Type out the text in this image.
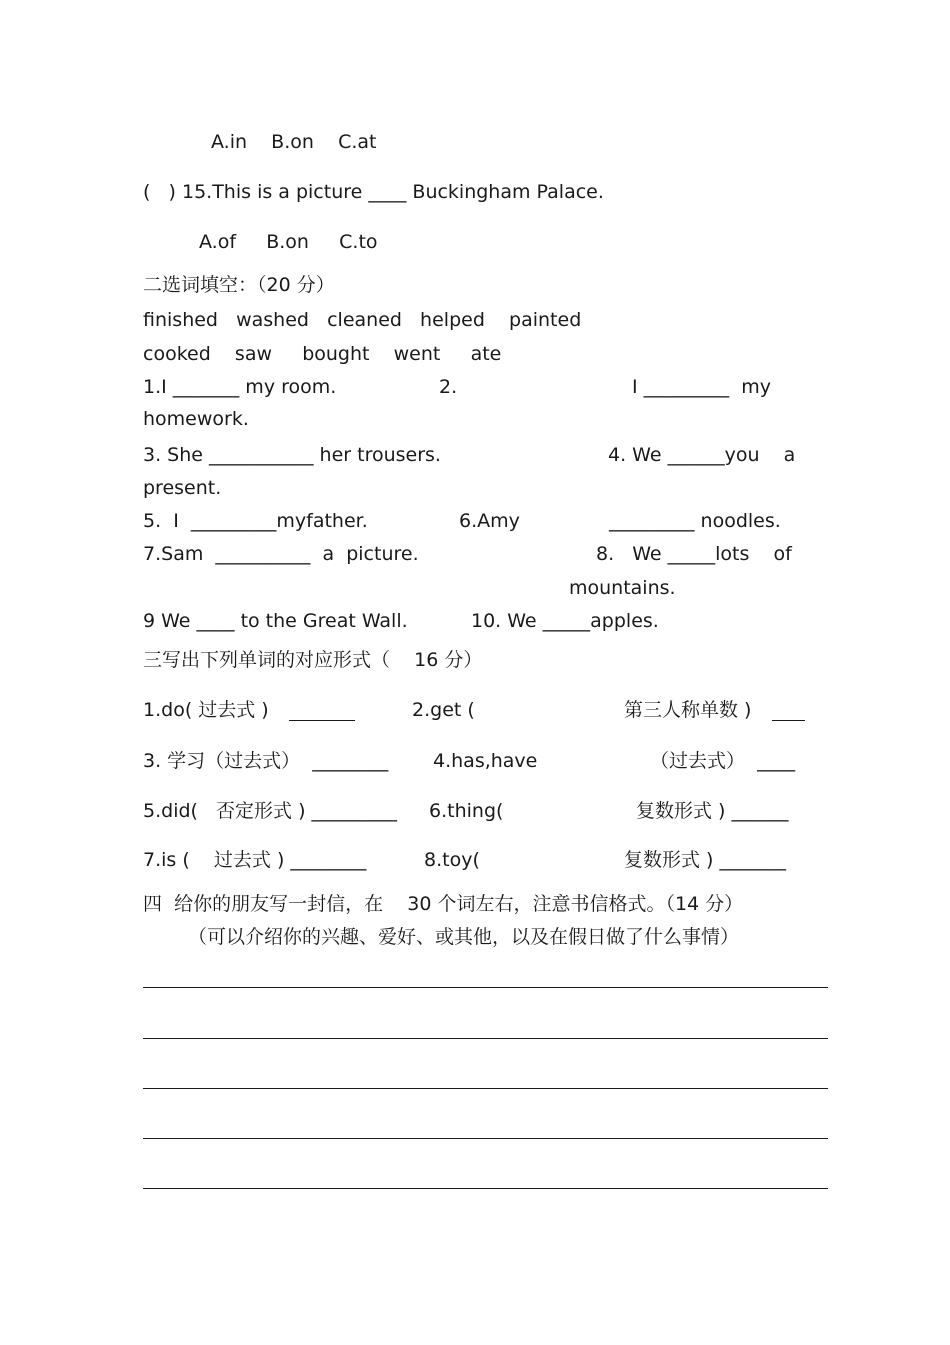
A.in    B.on    C.at
(   ) 15.This is a picture ____ Buckingham Palace.
A.of     B.on     C.to
二选词填空：（20 分）
finished   washed   cleaned   helped    painted
cooked    saw     bought    went     ate
1.I _______ my room.	2.	I _________  my
homework.
3. She ___________ her trousers.	4. We ______you    a
present.
5.  I  _________myfather.	6.Amy	_________ noodles.
7.Sam  __________  a  picture.	8.   We _____lots    of
mountains.
9 We ____ to the Great Wall.	10. We _____apples.
三写出下列单词的对应形式（    16 分）
1.do( 过去式 )	2.get (	第三人称单数 )
3. 学习（过去式）  ________ 4.has,have	（过去式）  ____
5.did(   否定形式 ) _________ 6.thing(	复数形式 ) ______
7.is (    过去式 ) ________	8.toy(	复数形式 ) _______
四  给你的朋友写一封信，在    30 个词左右，注意书信格式。（14 分）
（可以介绍你的兴趣、爱好、或其他，以及在假日做了什么事情）
